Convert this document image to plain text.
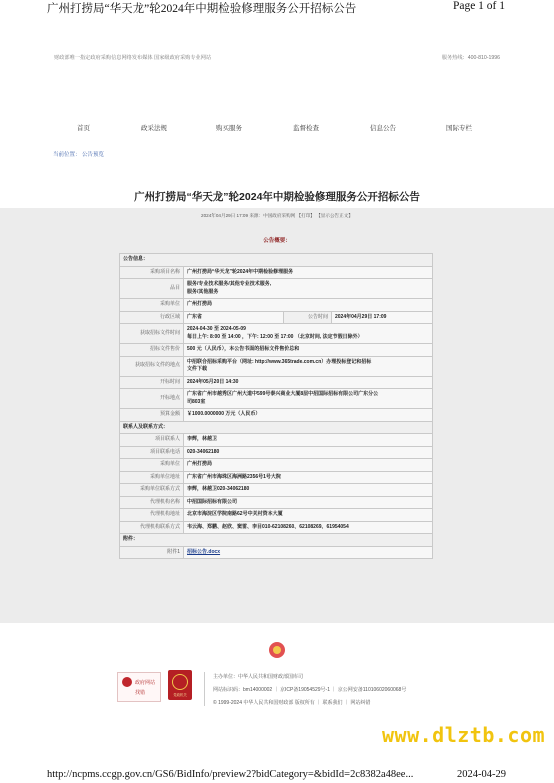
广州打捞局“华天龙”轮2024年中期检验修理服务公开招标公告	Page 1 of 1
财政部唯一指定政府采购信息网络发布媒体 国家级政府采购专业网站	服务热线：400-810-1996
首页	政采法规	购买服务	监督检查	信息公告	国际专栏
当前位置： 公告预览
广州打捞局“华天龙”轮2024年中期检验修理服务公开招标公告
2024年04月29日 17:09 来源：中国政府采购网 【打印】 【显示公告正文】
公告概要：
公告信息：			
采购项目名称	广州打捞局“华天龙”轮2024年中期检验修理服务		
品目	服务/专业技术服务/其他专业技术服务,
服务/其他服务		
采购单位	广州打捞局		
行政区域	广东省	公告时间	2024年04月29日 17:09
获取招标文件时间	2024-04-30 至 2024-05-09
每日上午: 8:00 至 14:00 ，下午: 12:00 至 17:00 （北京时间, 法定节假日除外）		
招标文件售价	500 元（人民币），本公告书面的招标文件售价总和		
获取招标文件的地点	中招联合招标采购平台（网址: http://www.365trade.com.cn）办理投标登记和招标
文件下载		
开标时间	2024年05月20日 14:30		
开标地点	广东省广州市越秀区广州大道中599号泰兴商业大厦8层中招国际招标有限公司广东分公
司803室		
预算金额	￥1000.0000000 万元（人民币）		
联系人及联系方式：			
项目联系人	李辉，林越卫		
项目联系电话	020-34062180		
采购单位	广州打捞局		
采购单位地址	广东省广州市海珠区海洲路2356号1号大院		
采购单位联系方式	李辉，林越卫020-34062180		
代理机构名称	中招国际招标有限公司		
代理机构地址	北京市海淀区学院南路62号中关村资本大厦		
代理机构联系方式	韦云海、郑鹏、赵欣、窦雷、李目010-62108260、62108269、61954054		
附件：			
附件1	招标公告.docx		
政府网站
找错	党政机关
主办单位：中华人民共和国财政部国库司
网站标识码：bm14000002 ｜ 京ICP备19054529号-1 ｜ 京公网安备11010602060068号
© 1999-2024 中华人民共和国财政部 版权所有 ｜ 联系我们 ｜ 网站纠错
www.dlztb.com
http://ncpms.ccgp.gov.cn/GS6/BidInfo/preview2?bidCategory=&bidId=2c8382a48ee...	2024-04-29
